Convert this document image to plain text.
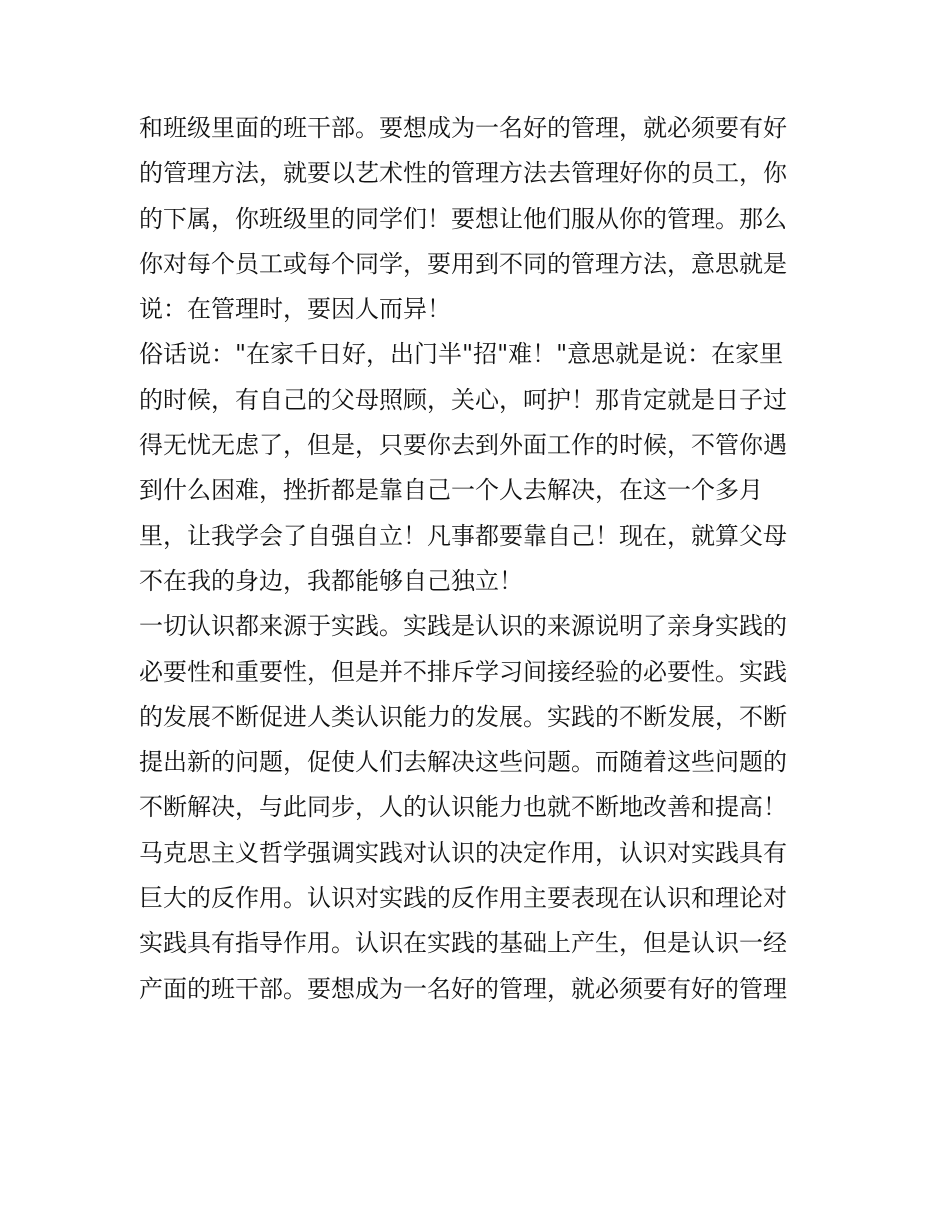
和班级里面的班干部。要想成为一名好的管理，就必须要有好
的管理方法，就要以艺术性的管理方法去管理好你的员工，你
的下属，你班级里的同学们！要想让他们服从你的管理。那么
你对每个员工或每个同学，要用到不同的管理方法，意思就是
说：在管理时，要因人而异！
俗话说："在家千日好，出门半"招"难！"意思就是说：在家里
的时候，有自己的父母照顾，关心，呵护！那肯定就是日子过
得无忧无虑了，但是，只要你去到外面工作的时候，不管你遇
到什么困难，挫折都是靠自己一个人去解决，在这一个多月
里，让我学会了自强自立！凡事都要靠自己！现在，就算父母
不在我的身边，我都能够自己独立！
一切认识都来源于实践。实践是认识的来源说明了亲身实践的
必要性和重要性，但是并不排斥学习间接经验的必要性。实践
的发展不断促进人类认识能力的发展。实践的不断发展，不断
提出新的问题，促使人们去解决这些问题。而随着这些问题的
不断解决，与此同步，人的认识能力也就不断地改善和提高！
马克思主义哲学强调实践对认识的决定作用，认识对实践具有
巨大的反作用。认识对实践的反作用主要表现在认识和理论对
实践具有指导作用。认识在实践的基础上产生，但是认识一经
产面的班干部。要想成为一名好的管理，就必须要有好的管理
